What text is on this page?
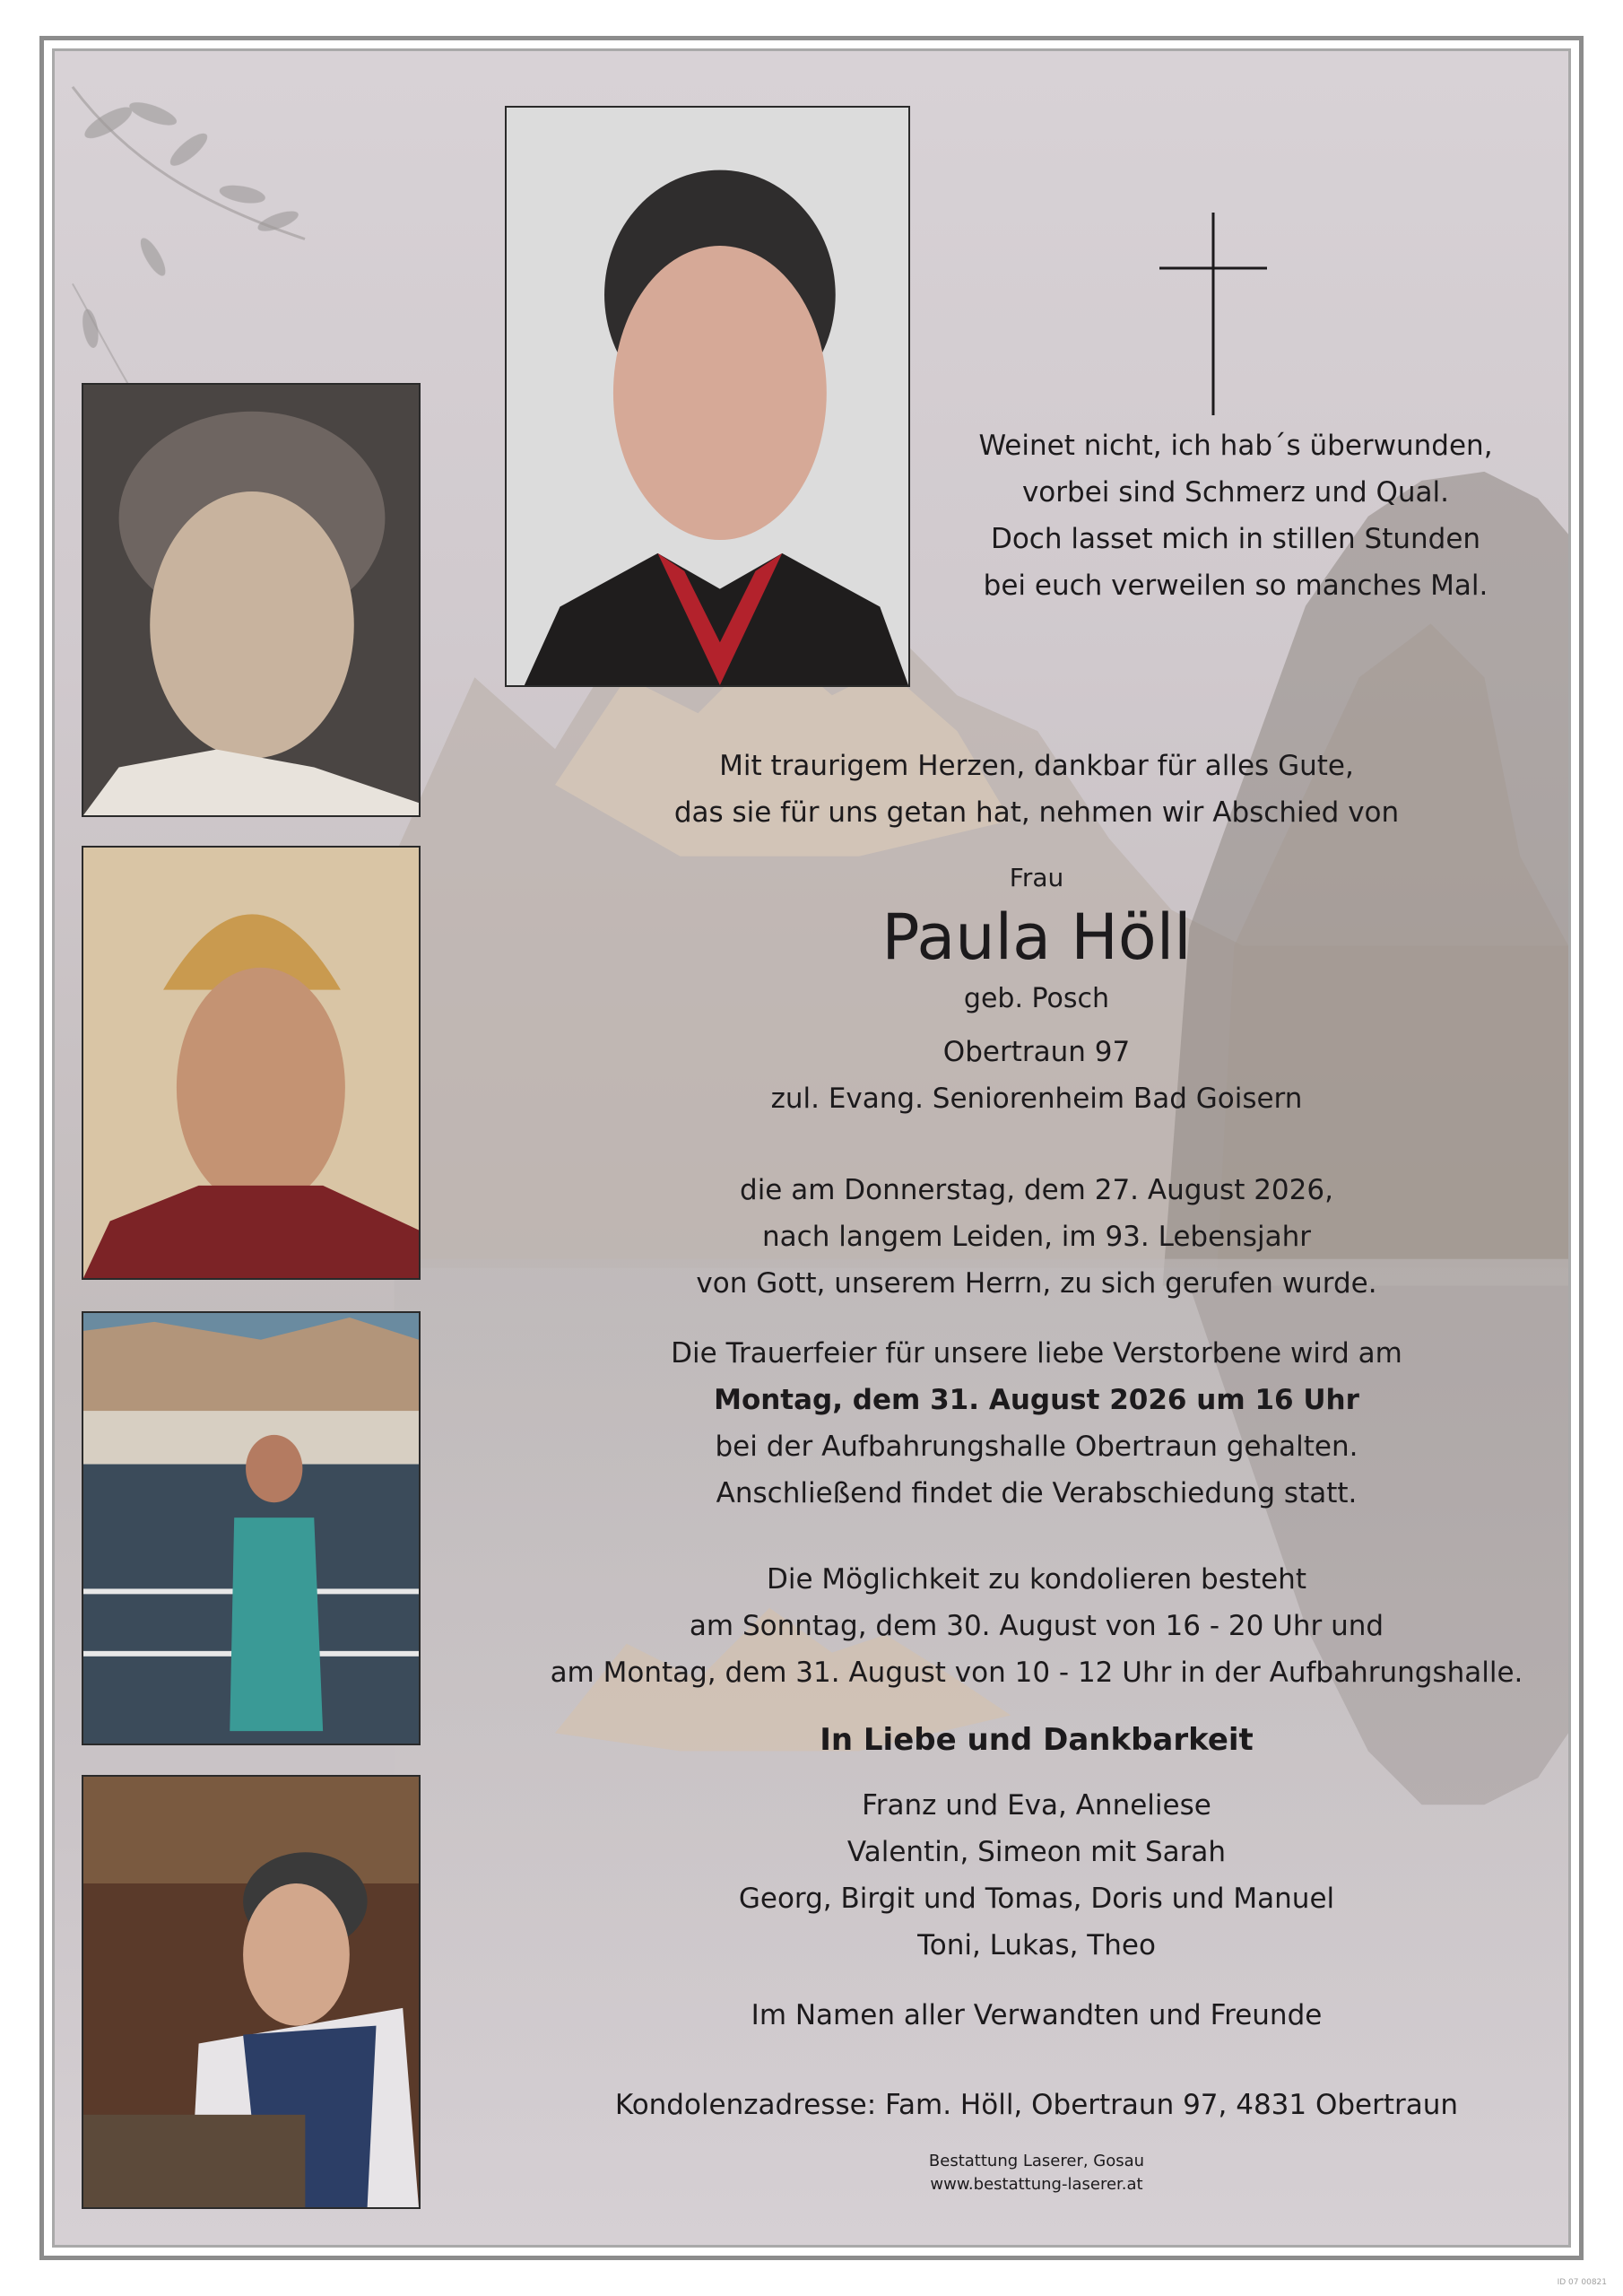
Weinet nicht, ich hab´s überwunden,
vorbei sind Schmerz und Qual.
Doch lasset mich in stillen Stunden
bei euch verweilen so manches Mal.
Mit traurigem Herzen, dankbar für alles Gute,
das sie für uns getan hat, nehmen wir Abschied von
Frau
Paula Höll
geb. Posch
Obertraun 97
zul. Evang. Seniorenheim Bad Goisern
die am Donnerstag, dem 27. August 2026,
nach langem Leiden, im 93. Lebensjahr
von Gott, unserem Herrn, zu sich gerufen wurde.
Die Trauerfeier für unsere liebe Verstorbene wird am
Montag, dem 31. August 2026 um 16 Uhr
bei der Aufbahrungshalle Obertraun gehalten.
Anschließend findet die Verabschiedung statt.
Die Möglichkeit zu kondolieren besteht
am Sonntag, dem 30. August von 16 - 20 Uhr und
am Montag, dem 31. August von 10 - 12 Uhr in der Aufbahrungshalle.
In Liebe und Dankbarkeit
Franz und Eva, Anneliese
Valentin, Simeon mit Sarah
Georg, Birgit und Tomas, Doris und Manuel
Toni, Lukas, Theo
Im Namen aller Verwandten und Freunde
Kondolenzadresse: Fam. Höll, Obertraun 97, 4831 Obertraun
Bestattung Laserer, Gosau
www.bestattung-laserer.at
ID 07 00821
